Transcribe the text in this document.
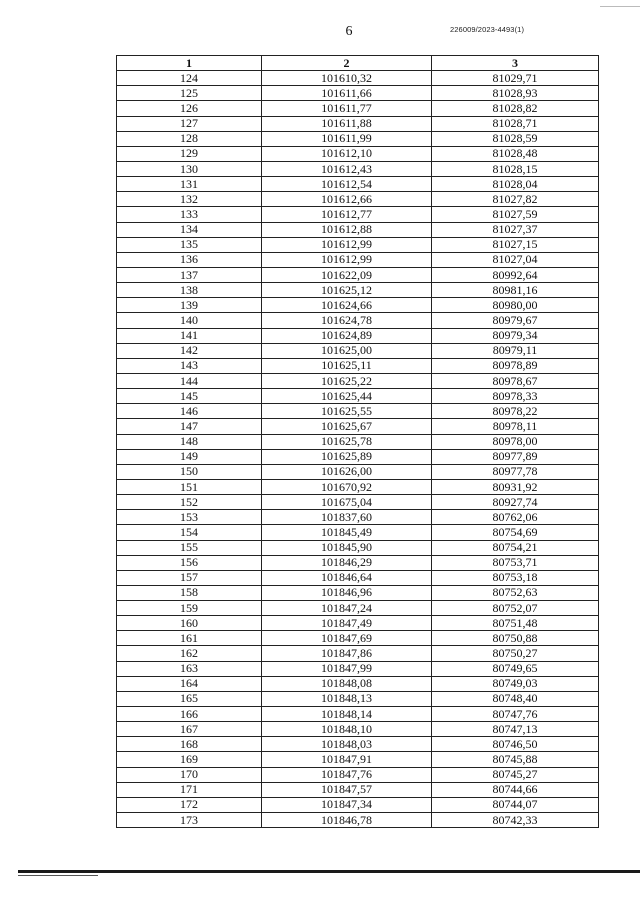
6	226009/2023-4493(1)
1	2	3
124	101610,32	81029,71
125	101611,66	81028,93
126	101611,77	81028,82
127	101611,88	81028,71
128	101611,99	81028,59
129	101612,10	81028,48
130	101612,43	81028,15
131	101612,54	81028,04
132	101612,66	81027,82
133	101612,77	81027,59
134	101612,88	81027,37
135	101612,99	81027,15
136	101612,99	81027,04
137	101622,09	80992,64
138	101625,12	80981,16
139	101624,66	80980,00
140	101624,78	80979,67
141	101624,89	80979,34
142	101625,00	80979,11
143	101625,11	80978,89
144	101625,22	80978,67
145	101625,44	80978,33
146	101625,55	80978,22
147	101625,67	80978,11
148	101625,78	80978,00
149	101625,89	80977,89
150	101626,00	80977,78
151	101670,92	80931,92
152	101675,04	80927,74
153	101837,60	80762,06
154	101845,49	80754,69
155	101845,90	80754,21
156	101846,29	80753,71
157	101846,64	80753,18
158	101846,96	80752,63
159	101847,24	80752,07
160	101847,49	80751,48
161	101847,69	80750,88
162	101847,86	80750,27
163	101847,99	80749,65
164	101848,08	80749,03
165	101848,13	80748,40
166	101848,14	80747,76
167	101848,10	80747,13
168	101848,03	80746,50
169	101847,91	80745,88
170	101847,76	80745,27
171	101847,57	80744,66
172	101847,34	80744,07
173	101846,78	80742,33
